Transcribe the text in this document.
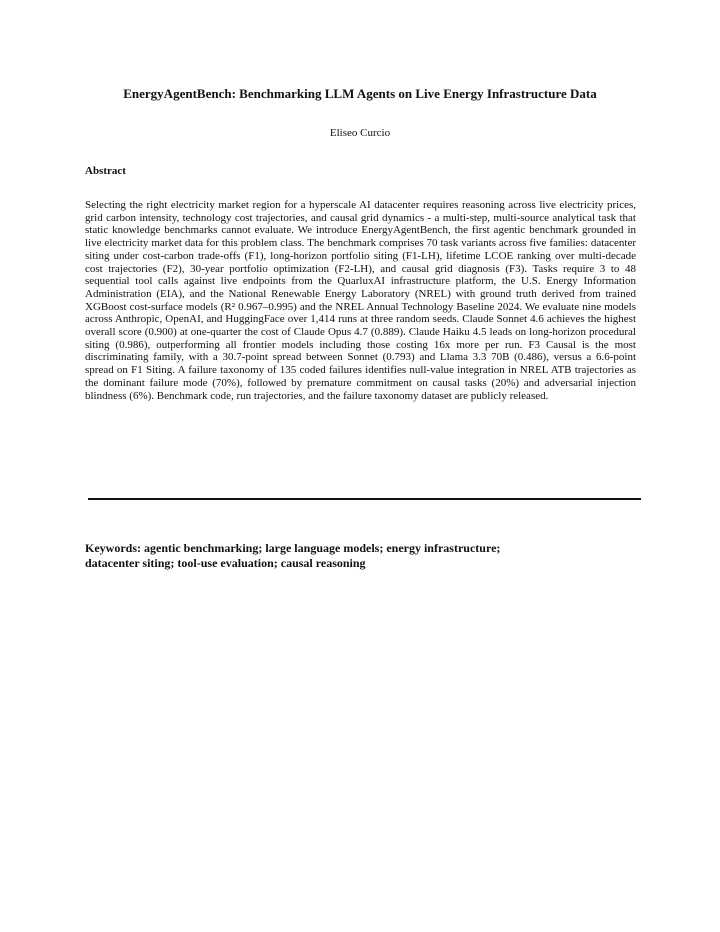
EnergyAgentBench: Benchmarking LLM Agents on Live Energy Infrastructure Data

Eliseo Curcio

Abstract

Selecting the right electricity market region for a hyperscale AI datacenter requires reasoning across live electricity prices, grid carbon intensity, technology cost trajectories, and causal grid dynamics - a multi-step, multi-source analytical task that static knowledge benchmarks cannot evaluate. We introduce EnergyAgentBench, the first agentic benchmark grounded in live electricity market data for this problem class. The benchmark comprises 70 task variants across five families: datacenter siting under cost-carbon trade-offs (F1), long-horizon portfolio siting (F1-LH), lifetime LCOE ranking over multi-decade cost trajectories (F2), 30-year portfolio optimization (F2-LH), and causal grid diagnosis (F3). Tasks require 3 to 48 sequential tool calls against live endpoints from the QuarluxAI infrastructure platform, the U.S. Energy Information Administration (EIA), and the National Renewable Energy Laboratory (NREL) with ground truth derived from trained XGBoost cost-surface models (R² 0.967–0.995) and the NREL Annual Technology Baseline 2024. We evaluate nine models across Anthropic, OpenAI, and HuggingFace over 1,414 runs at three random seeds. Claude Sonnet 4.6 achieves the highest overall score (0.900) at one-quarter the cost of Claude Opus 4.7 (0.889). Claude Haiku 4.5 leads on long-horizon procedural siting (0.986), outperforming all frontier models including those costing 16x more per run. F3 Causal is the most discriminating family, with a 30.7-point spread between Sonnet (0.793) and Llama 3.3 70B (0.486), versus a 6.6-point spread on F1 Siting. A failure taxonomy of 135 coded failures identifies null-value integration in NREL ATB trajectories as the dominant failure mode (70%), followed by premature commitment on causal tasks (20%) and adversarial injection blindness (6%). Benchmark code, run trajectories, and the failure taxonomy dataset are publicly released.

Keywords: agentic benchmarking; large language models; energy infrastructure;
datacenter siting; tool-use evaluation; causal reasoning
